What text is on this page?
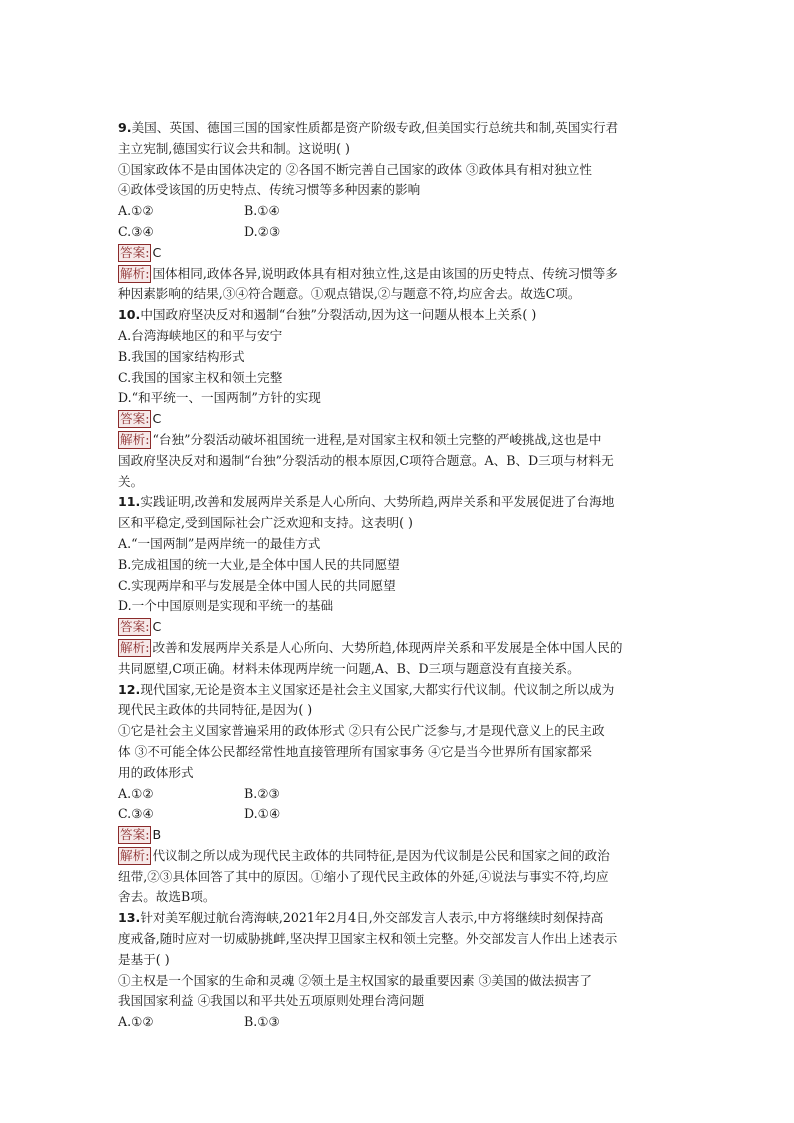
9.美国、英国、德国三国的国家性质都是资产阶级专政,但美国实行总统共和制,英国实行君
主立宪制,德国实行议会共和制。这说明( )
①国家政体不是由国体决定的 ②各国不断完善自己国家的政体 ③政体具有相对独立性
④政体受该国的历史特点、传统习惯等多种因素的影响
A.①②	B.①④
C.③④	D.②③
答案: C
解析: 国体相同,政体各异,说明政体具有相对独立性,这是由该国的历史特点、传统习惯等多
种因素影响的结果,③④符合题意。①观点错误,②与题意不符,均应舍去。故选C项。
10.中国政府坚决反对和遏制“台独”分裂活动,因为这一问题从根本上关系( )
A.台湾海峡地区的和平与安宁
B.我国的国家结构形式
C.我国的国家主权和领土完整
D.“和平统一、一国两制”方针的实现
答案: C
解析: “台独”分裂活动破坏祖国统一进程,是对国家主权和领土完整的严峻挑战,这也是中
国政府坚决反对和遏制“台独”分裂活动的根本原因,C项符合题意。A、B、D三项与材料无
关。
11.实践证明,改善和发展两岸关系是人心所向、大势所趋,两岸关系和平发展促进了台海地
区和平稳定,受到国际社会广泛欢迎和支持。这表明( )
A.“一国两制”是两岸统一的最佳方式
B.完成祖国的统一大业,是全体中国人民的共同愿望
C.实现两岸和平与发展是全体中国人民的共同愿望
D.一个中国原则是实现和平统一的基础
答案: C
解析: 改善和发展两岸关系是人心所向、大势所趋,体现两岸关系和平发展是全体中国人民的
共同愿望,C项正确。材料未体现两岸统一问题,A、B、D三项与题意没有直接关系。
12.现代国家,无论是资本主义国家还是社会主义国家,大都实行代议制。代议制之所以成为
现代民主政体的共同特征,是因为( )
①它是社会主义国家普遍采用的政体形式 ②只有公民广泛参与,才是现代意义上的民主政
体 ③不可能全体公民都经常性地直接管理所有国家事务 ④它是当今世界所有国家都采
用的政体形式
A.①②	B.②③
C.③④	D.①④
答案: B
解析: 代议制之所以成为现代民主政体的共同特征,是因为代议制是公民和国家之间的政治
纽带,②③具体回答了其中的原因。①缩小了现代民主政体的外延,④说法与事实不符,均应
舍去。故选B项。
13.针对美军舰过航台湾海峡,2021年2月4日,外交部发言人表示,中方将继续时刻保持高
度戒备,随时应对一切威胁挑衅,坚决捍卫国家主权和领土完整。外交部发言人作出上述表示
是基于( )
①主权是一个国家的生命和灵魂 ②领土是主权国家的最重要因素 ③美国的做法损害了
我国国家利益 ④我国以和平共处五项原则处理台湾问题
A.①②	B.①③
